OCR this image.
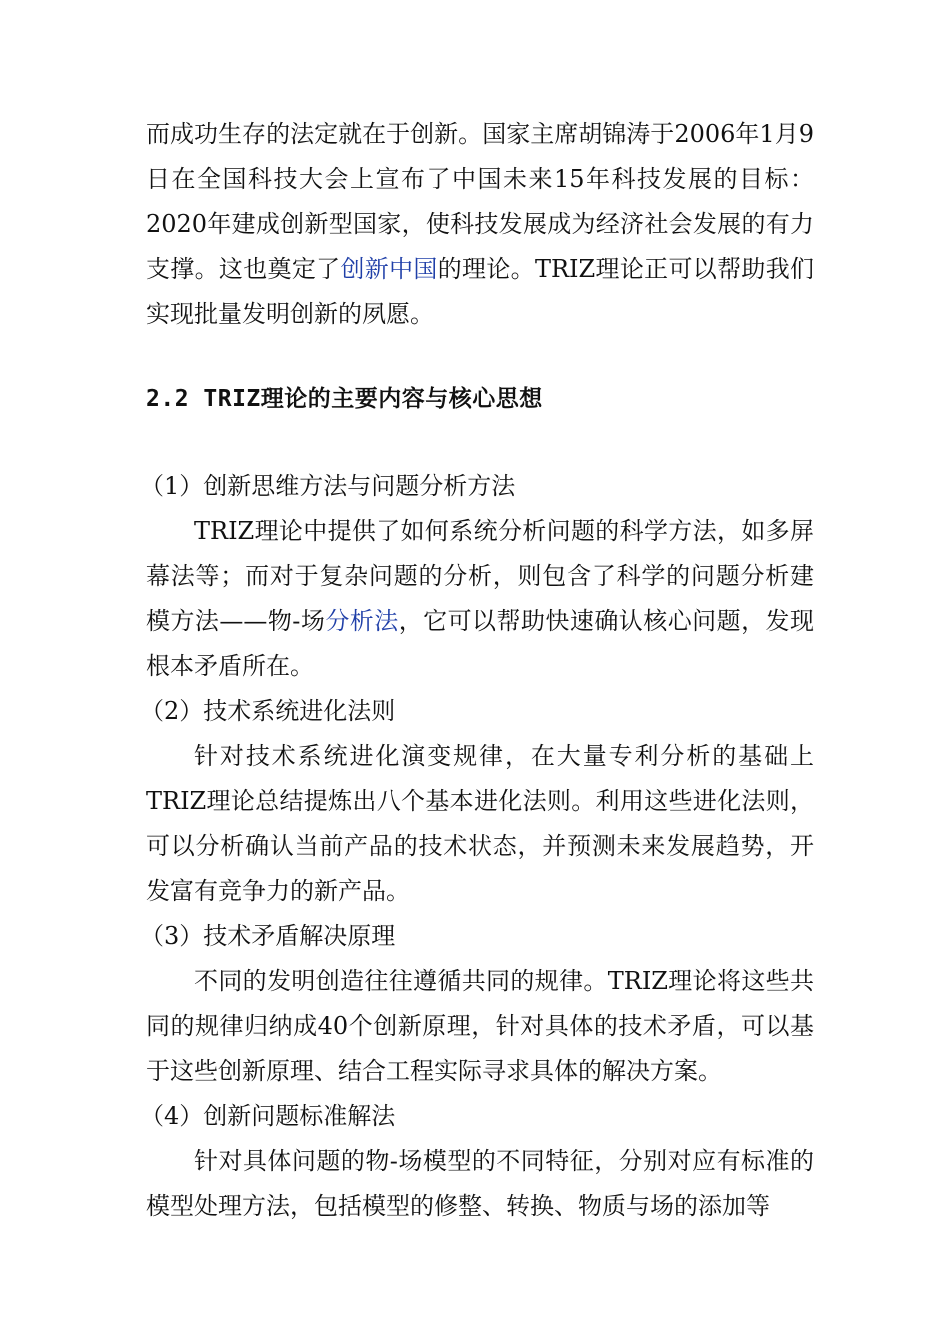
而成功生存的法定就在于创新。国家主席胡锦涛于2006年1月9日在全国科技大会上宣布了中国未来15年科技发展的目标：2020年建成创新型国家，使科技发展成为经济社会发展的有力支撑。这也奠定了创新中国的理论。TRIZ理论正可以帮助我们实现批量发明创新的夙愿。

2.2 TRIZ理论的主要内容与核心思想

（1）创新思维方法与问题分析方法

TRIZ理论中提供了如何系统分析问题的科学方法，如多屏幕法等；而对于复杂问题的分析，则包含了科学的问题分析建模方法——物-场分析法，它可以帮助快速确认核心问题，发现根本矛盾所在。

（2）技术系统进化法则

针对技术系统进化演变规律，在大量专利分析的基础上TRIZ理论总结提炼出八个基本进化法则。利用这些进化法则，可以分析确认当前产品的技术状态，并预测未来发展趋势，开发富有竞争力的新产品。

（3）技术矛盾解决原理

不同的发明创造往往遵循共同的规律。TRIZ理论将这些共同的规律归纳成40个创新原理，针对具体的技术矛盾，可以基于这些创新原理、结合工程实际寻求具体的解决方案。

（4）创新问题标准解法

针对具体问题的物-场模型的不同特征，分别对应有标准的模型处理方法，包括模型的修整、转换、物质与场的添加等
